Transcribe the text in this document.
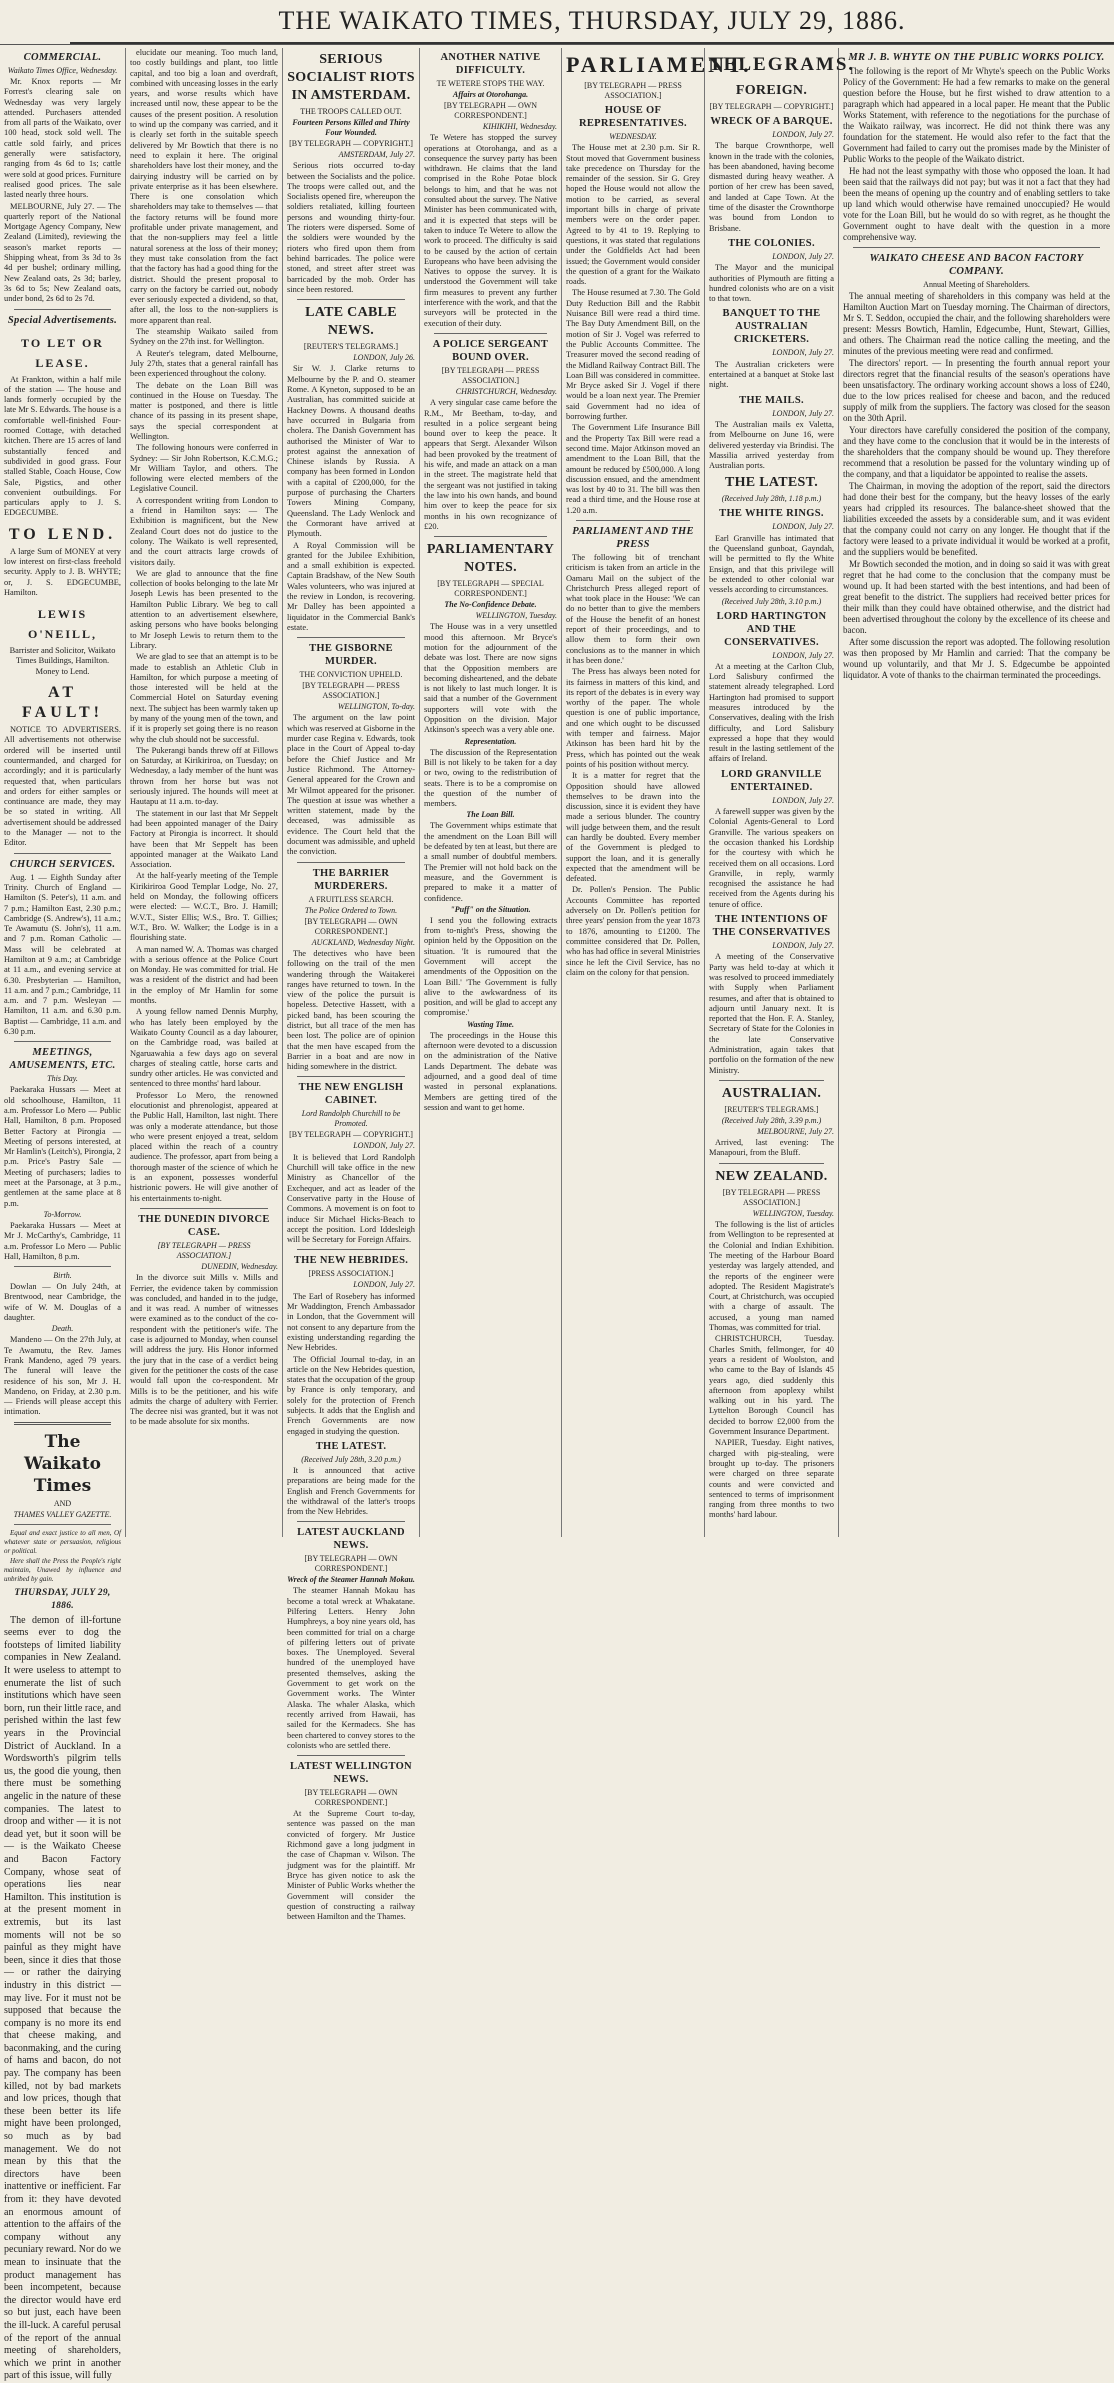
THE WAIKATO TIMES, THURSDAY, JULY 29, 1886.
COMMERCIAL.
Waikato Times Office, Wednesday.

Mr. Knox reports — Mr Forrest's clearing sale on Wednesday was very largely attended. Purchasers attended from all parts of the Waikato, over 100 head, stock sold well. The cattle sold fairly, and prices generally were satisfactory, ranging from 4s 6d to 1s; cattle were sold at good prices. Furniture realised good prices. The sale lasted nearly three hours.

MELBOURNE, July 27. — The quarterly report of the National Mortgage Agency Company, New Zealand (Limited), reviewing the season's market reports — Shipping wheat, from 3s 3d to 3s 4d per bushel; ordinary milling, New Zealand oats, 2s 3d; barley, 3s 6d to 5s; New Zealand oats, under bond, 2s 6d to 2s 7d.

Special Advertisements.
TO LET OR LEASE.

At Frankton, within a half mile of the station — The house and lands formerly occupied by the late Mr S. Edwards. The house is a comfortable well-finished Four-roomed Cottage, with detached kitchen. There are 15 acres of land substantially fenced and subdivided in good grass. Four stalled Stable, Coach House, Cow Sale, Pigstics, and other convenient outbuildings. For particulars apply to J. S. EDGECUMBE.

TO LEND.

A large Sum of MONEY at very low interest on first-class freehold security. Apply to J. B. WHYTE; or, J. S. EDGECUMBE, Hamilton.

LEWIS O'NEILL,

Barrister and Solicitor, Waikato Times Buildings, Hamilton. Money to Lend.

AT FAULT!

NOTICE TO ADVERTISERS. All advertisements not otherwise ordered will be inserted until countermanded, and charged for accordingly; and it is particularly requested that, when particulars and orders for either samples or continuance are made, they may be so stated in writing. All advertisement should be addressed to the Manager — not to the Editor.

CHURCH SERVICES.

Aug. 1 — Eighth Sunday after Trinity. Church of England — Hamilton (S. Peter's), 11 a.m. and 7 p.m.; Hamilton East, 2.30 p.m.; Cambridge (S. Andrew's), 11 a.m.; Te Awamutu (S. John's), 11 a.m. and 7 p.m. Roman Catholic — Mass will be celebrated at Hamilton at 9 a.m.; at Cambridge at 11 a.m., and evening service at 6.30. Presbyterian — Hamilton, 11 a.m. and 7 p.m.; Cambridge, 11 a.m. and 7 p.m. Wesleyan — Hamilton, 11 a.m. and 6.30 p.m. Baptist — Cambridge, 11 a.m. and 6.30 p.m.

MEETINGS, AMUSEMENTS, ETC.
This Day.

Paekaraka Hussars — Meet at old schoolhouse, Hamilton, 11 a.m. Professor Lo Mero — Public Hall, Hamilton, 8 p.m. Proposed Better Factory at Pirongia — Meeting of persons interested, at Mr Hamlin's (Leitch's), Pirongia, 2 p.m. Price's Pastry Sale — Meeting of purchasers; ladies to meet at the Parsonage, at 3 p.m., gentlemen at the same place at 8 p.m.

To-Morrow.

Paekaraka Hussars — Meet at Mr J. McCarthy's, Cambridge, 11 a.m. Professor Lo Mero — Public Hall, Hamilton, 8 p.m.

Birth.

Dowlan — On July 24th, at Brentwood, near Cambridge, the wife of W. M. Douglas of a daughter.

Death.

Mandeno — On the 27th July, at Te Awamutu, the Rev. James Frank Mandeno, aged 79 years. The funeral will leave the residence of his son, Mr J. H. Mandeno, on Friday, at 2.30 p.m. — Friends will please accept this intimation.

The Waikato Times
AND
THAMES VALLEY GAZETTE.

Equal and exact justice to all men, Of whatever state or persuasion, religious or political.

Here shall the Press the People's right maintain, Unawed by influence and unbribed by gain.

THURSDAY, JULY 29, 1886.

The demon of ill-fortune seems ever to dog the footsteps of limited liability companies in New Zealand. It were useless to attempt to enumerate the list of such institutions which have seen born, run their little race, and perished within the last few years in the Provincial District of Auckland. In a Wordsworth's pilgrim tells us, the good die young, then there must be something angelic in the nature of these companies. The latest to droop and wither — it is not dead yet, but it soon will be — is the Waikato Cheese and Bacon Factory Company, whose seat of operations lies near Hamilton. This institution is at the present moment in extremis, but its last moments will not be so painful as they might have been, since it dies that those — or rather the dairying industry in this district — may live. For it must not be supposed that because the company is no more its end that cheese making, and baconmaking, and the curing of hams and bacon, do not pay. The company has been killed, not by bad markets and low prices, though that these been better its life might have been prolonged, so much as by bad management. We do not mean by this that the directors have been inattentive or inefficient. Far from it: they have devoted an enormous amount of attention to the affairs of the company without any pecuniary reward. Nor do we mean to insinuate that the product management has been incompetent, because the director would have erd so but just, each have been the ill-luck. A careful perusal of the report of the annual meeting of shareholders, which we print in another part of this issue, will fully

elucidate our meaning. Too much land, too costly buildings and plant, too little capital, and too big a loan and overdraft, combined with unceasing losses in the early years, and worse results which have increased until now, these appear to be the causes of the present position. A resolution to wind up the company was carried, and it is clearly set forth in the suitable speech delivered by Mr Bowtich that there is no need to explain it here. The original shareholders have lost their money, and the dairying industry will be carried on by private enterprise as it has been elsewhere. There is one consolation which shareholders may take to themselves — that the factory returns will be found more profitable under private management, and that the non-suppliers may feel a little natural soreness at the loss of their money; they must take consolation from the fact that the factory has had a good thing for the district. Should the present proposal to carry on the factory be carried out, nobody ever seriously expected a dividend, so that, after all, the loss to the non-suppliers is more apparent than real.

The steamship Waikato sailed from Sydney on the 27th inst. for Wellington.

A Reuter's telegram, dated Melbourne, July 27th, states that a general rainfall has been experienced throughout the colony.

The debate on the Loan Bill was continued in the House on Tuesday. The matter is postponed, and there is little chance of its passing in its present shape, says the special correspondent at Wellington.

The following honours were conferred in Sydney: — Sir John Robertson, K.C.M.G.; Mr William Taylor, and others. The following were elected members of the Legislative Council.

A correspondent writing from London to a friend in Hamilton says: — The Exhibition is magnificent, but the New Zealand Court does not do justice to the colony. The Waikato is well represented, and the court attracts large crowds of visitors daily.

We are glad to announce that the fine collection of books belonging to the late Mr Joseph Lewis has been presented to the Hamilton Public Library. We beg to call attention to an advertisement elsewhere, asking persons who have books belonging to Mr Joseph Lewis to return them to the Library.

We are glad to see that an attempt is to be made to establish an Athletic Club in Hamilton, for which purpose a meeting of those interested will be held at the Commercial Hotel on Saturday evening next. The subject has been warmly taken up by many of the young men of the town, and if it is properly set going there is no reason why the club should not be successful.

The Pukerangi bands threw off at Fillows on Saturday, at Kirikiriroa, on Tuesday; on Wednesday, a lady member of the hunt was thrown from her horse but was not seriously injured. The hounds will meet at Hautapu at 11 a.m. to-day.

The statement in our last that Mr Seppelt had been appointed manager of the Dairy Factory at Pirongia is incorrect. It should have been that Mr Seppelt has been appointed manager at the Waikato Land Association.

At the half-yearly meeting of the Temple Kirikiriroa Good Templar Lodge, No. 27, held on Monday, the following officers were elected: — W.C.T., Bro. J. Hamill; W.V.T., Sister Ellis; W.S., Bro. T. Gillies; W.T., Bro. W. Walker; the Lodge is in a flourishing state.

A man named W. A. Thomas was charged with a serious offence at the Police Court on Monday. He was committed for trial. He was a resident of the district and had been in the employ of Mr Hamlin for some months.

A young fellow named Dennis Murphy, who has lately been employed by the Waikato County Council as a day labourer, on the Cambridge road, was bailed at Ngaruawahia a few days ago on several charges of stealing cattle, horse carts and sundry other articles. He was convicted and sentenced to three months' hard labour.

Professor Lo Mero, the renowned elocutionist and phrenologist, appeared at the Public Hall, Hamilton, last night. There was only a moderate attendance, but those who were present enjoyed a treat, seldom placed within the reach of a country audience. The professor, apart from being a thorough master of the science of which he is an exponent, possesses wonderful histrionic powers. He will give another of his entertainments to-night.

THE DUNEDIN DIVORCE CASE.
[BY TELEGRAPH — PRESS ASSOCIATION.]
DUNEDIN, Wednesday.

In the divorce suit Mills v. Mills and Ferrier, the evidence taken by commission was concluded, and handed in to the judge, and it was read. A number of witnesses were examined as to the conduct of the co-respondent with the petitioner's wife. The case is adjourned to Monday, when counsel will address the jury. His Honor informed the jury that in the case of a verdict being given for the petitioner the costs of the case would fall upon the co-respondent. Mr Mills is to be the petitioner, and his wife admits the charge of adultery with Ferrier. The decree nisi was granted, but it was not to be made absolute for six months.

SERIOUS SOCIALIST RIOTS IN AMSTERDAM.
THE TROOPS CALLED OUT.
Fourteen Persons Killed and Thirty Four Wounded.
[BY TELEGRAPH — COPYRIGHT.]
AMSTERDAM, July 27.

Serious riots occurred to-day between the Socialists and the police. The troops were called out, and the Socialists opened fire, whereupon the soldiers retaliated, killing fourteen persons and wounding thirty-four. The rioters were dispersed. Some of the soldiers were wounded by the rioters who fired upon them from behind barricades. The police were stoned, and street after street was barricaded by the mob. Order has since been restored.

LATE CABLE NEWS.
[REUTER'S TELEGRAMS.]
LONDON, July 26.

Sir W. J. Clarke returns to Melbourne by the P. and O. steamer Rome. A Kyneton, supposed to be an Australian, has committed suicide at Hackney Downs. A thousand deaths have occurred in Bulgaria from cholera. The Danish Government has authorised the Minister of War to protest against the annexation of Chinese islands by Russia. A company has been formed in London with a capital of £200,000, for the purpose of purchasing the Charters Towers Mining Company, Queensland. The Lady Wenlock and the Cormorant have arrived at Plymouth.

A Royal Commission will be granted for the Jubilee Exhibition, and a small exhibition is expected. Captain Bradshaw, of the New South Wales volunteers, who was injured at the review in London, is recovering. Mr Dalley has been appointed a liquidator in the Commercial Bank's estate.

THE GISBORNE MURDER.
THE CONVICTION UPHELD.
[BY TELEGRAPH — PRESS ASSOCIATION.]
WELLINGTON, To-day.

The argument on the law point which was reserved at Gisborne in the murder case Regina v. Edwards, took place in the Court of Appeal to-day before the Chief Justice and Mr Justice Richmond. The Attorney-General appeared for the Crown and Mr Wilmot appeared for the prisoner. The question at issue was whether a written statement, made by the deceased, was admissible as evidence. The Court held that the document was admissible, and upheld the conviction.

THE BARRIER MURDERERS.
A FRUITLESS SEARCH.
The Police Ordered to Town.
[BY TELEGRAPH — OWN CORRESPONDENT.]
AUCKLAND, Wednesday Night.

The detectives who have been following on the trail of the men wandering through the Waitakerei ranges have returned to town. In the view of the police the pursuit is hopeless. Detective Hassett, with a picked band, has been scouring the district, but all trace of the men has been lost. The police are of opinion that the men have escaped from the Barrier in a boat and are now in hiding somewhere in the district.

THE NEW ENGLISH CABINET.
Lord Randolph Churchill to be Promoted.
[BY TELEGRAPH — COPYRIGHT.]
LONDON, July 27.

It is believed that Lord Randolph Churchill will take office in the new Ministry as Chancellor of the Exchequer, and act as leader of the Conservative party in the House of Commons. A movement is on foot to induce Sir Michael Hicks-Beach to accept the position. Lord Iddesleigh will be Secretary for Foreign Affairs.

THE NEW HEBRIDES.
[PRESS ASSOCIATION.]
LONDON, July 27.

The Earl of Rosebery has informed Mr Waddington, French Ambassador in London, that the Government will not consent to any departure from the existing understanding regarding the New Hebrides.

The Official Journal to-day, in an article on the New Hebrides question, states that the occupation of the group by France is only temporary, and solely for the protection of French subjects. It adds that the English and French Governments are now engaged in studying the question.

THE LATEST.
(Received July 28th, 3.20 p.m.)

It is announced that active preparations are being made for the English and French Governments for the withdrawal of the latter's troops from the New Hebrides.

LATEST AUCKLAND NEWS.
[BY TELEGRAPH — OWN CORRESPONDENT.]
Wreck of the Steamer Hannah Mokau.

The steamer Hannah Mokau has become a total wreck at Whakatane. Pilfering Letters. Henry John Humphreys, a boy nine years old, has been committed for trial on a charge of pilfering letters out of private boxes. The Unemployed. Several hundred of the unemployed have presented themselves, asking the Government to get work on the Government works. The Winter Alaska. The whaler Alaska, which recently arrived from Hawaii, has sailed for the Kermadecs. She has been chartered to convey stores to the colonists who are settled there.

LATEST WELLINGTON NEWS.
[BY TELEGRAPH — OWN CORRESPONDENT.]

At the Supreme Court to-day, sentence was passed on the man convicted of forgery. Mr Justice Richmond gave a long judgment in the case of Chapman v. Wilson. The judgment was for the plaintiff. Mr Bryce has given notice to ask the Minister of Public Works whether the Government will consider the question of constructing a railway between Hamilton and the Thames.

ANOTHER NATIVE DIFFICULTY.
TE WETERE STOPS THE WAY.
Affairs at Otorohanga.
[BY TELEGRAPH — OWN CORRESPONDENT.]
KIHIKIHI, Wednesday.

Te Wetere has stopped the survey operations at Otorohanga, and as a consequence the survey party has been withdrawn. He claims that the land comprised in the Rohe Potae block belongs to him, and that he was not consulted about the survey. The Native Minister has been communicated with, and it is expected that steps will be taken to induce Te Wetere to allow the work to proceed. The difficulty is said to be caused by the action of certain Europeans who have been advising the Natives to oppose the survey. It is understood the Government will take firm measures to prevent any further interference with the work, and that the surveyors will be protected in the execution of their duty.

A POLICE SERGEANT BOUND OVER.
[BY TELEGRAPH — PRESS ASSOCIATION.]
CHRISTCHURCH, Wednesday.

A very singular case came before the R.M., Mr Beetham, to-day, and resulted in a police sergeant being bound over to keep the peace. It appears that Sergt. Alexander Wilson had been provoked by the treatment of his wife, and made an attack on a man in the street. The magistrate held that the sergeant was not justified in taking the law into his own hands, and bound him over to keep the peace for six months in his own recognizance of £20.

PARLIAMENTARY NOTES.
[BY TELEGRAPH — SPECIAL CORRESPONDENT.]
The No-Confidence Debate.
WELLINGTON, Tuesday.

The House was in a very unsettled mood this afternoon. Mr Bryce's motion for the adjournment of the debate was lost. There are now signs that the Opposition members are becoming disheartened, and the debate is not likely to last much longer. It is said that a number of the Government supporters will vote with the Opposition on the division. Major Atkinson's speech was a very able one.

Representation.

The discussion of the Representation Bill is not likely to be taken for a day or two, owing to the redistribution of seats. There is to be a compromise on the question of the number of members.

The Loan Bill.

The Government whips estimate that the amendment on the Loan Bill will be defeated by ten at least, but there are a small number of doubtful members. The Premier will not hold back on the measure, and the Government is prepared to make it a matter of confidence.

"Puff" on the Situation.

I send you the following extracts from to-night's Press, showing the opinion held by the Opposition on the situation. 'It is rumoured that the Government will accept the amendments of the Opposition on the Loan Bill.' 'The Government is fully alive to the awkwardness of its position, and will be glad to accept any compromise.'

Wasting Time.

The proceedings in the House this afternoon were devoted to a discussion on the administration of the Native Lands Department. The debate was adjourned, and a good deal of time wasted in personal explanations. Members are getting tired of the session and want to get home.

PARLIAMENT.
[BY TELEGRAPH — PRESS ASSOCIATION.]
HOUSE OF REPRESENTATIVES.
WEDNESDAY.

The House met at 2.30 p.m. Sir R. Stout moved that Government business take precedence on Thursday for the remainder of the session. Sir G. Grey hoped the House would not allow the motion to be carried, as several important bills in charge of private members were on the order paper. Agreed to by 41 to 19. Replying to questions, it was stated that regulations under the Goldfields Act had been issued; the Government would consider the question of a grant for the Waikato roads.

The House resumed at 7.30. The Gold Duty Reduction Bill and the Rabbit Nuisance Bill were read a third time. The Bay Duty Amendment Bill, on the motion of Sir J. Vogel was referred to the Public Accounts Committee. The Treasurer moved the second reading of the Midland Railway Contract Bill. The Loan Bill was considered in committee. Mr Bryce asked Sir J. Vogel if there would be a loan next year. The Premier said Government had no idea of borrowing further.

The Government Life Insurance Bill and the Property Tax Bill were read a second time. Major Atkinson moved an amendment to the Loan Bill, that the amount be reduced by £500,000. A long discussion ensued, and the amendment was lost by 40 to 31. The bill was then read a third time, and the House rose at 1.20 a.m.

PARLIAMENT AND THE PRESS

The following bit of trenchant criticism is taken from an article in the Oamaru Mail on the subject of the Christchurch Press alleged report of what took place in the House: 'We can do no better than to give the members of the House the benefit of an honest report of their proceedings, and to allow them to form their own conclusions as to the manner in which it has been done.'

The Press has always been noted for its fairness in matters of this kind, and its report of the debates is in every way worthy of the paper. The whole question is one of public importance, and one which ought to be discussed with temper and fairness. Major Atkinson has been hard hit by the Press, which has pointed out the weak points of his position without mercy.

It is a matter for regret that the Opposition should have allowed themselves to be drawn into the discussion, since it is evident they have made a serious blunder. The country will judge between them, and the result can hardly be doubted. Every member of the Government is pledged to support the loan, and it is generally expected that the amendment will be defeated.

Dr. Pollen's Pension. The Public Accounts Committee has reported adversely on Dr. Pollen's petition for three years' pension from the year 1873 to 1876, amounting to £1200. The committee considered that Dr. Pollen, who has had office in several Ministries since he left the Civil Service, has no claim on the colony for that pension.

TELEGRAMS.
FOREIGN.
[BY TELEGRAPH — COPYRIGHT.]
WRECK OF A BARQUE.
LONDON, July 27.

The barque Crownthorpe, well known in the trade with the colonies, has been abandoned, having become dismasted during heavy weather. A portion of her crew has been saved, and landed at Cape Town. At the time of the disaster the Crownthorpe was bound from London to Brisbane.

THE COLONIES.
LONDON, July 27.

The Mayor and the municipal authorities of Plymouth are fitting a hundred colonists who are on a visit to that town.

BANQUET TO THE AUSTRALIAN CRICKETERS.
LONDON, July 27.

The Australian cricketers were entertained at a banquet at Stoke last night.

THE MAILS.
LONDON, July 27.

The Australian mails ex Valetta, from Melbourne on June 16, were delivered yesterday via Brindisi. The Massilia arrived yesterday from Australian ports.

THE LATEST.
(Received July 28th, 1.18 p.m.)
THE WHITE RINGS.
LONDON, July 27.

Earl Granville has intimated that the Queensland gunboat, Gayndah, will be permitted to fly the White Ensign, and that this privilege will be extended to other colonial war vessels according to circumstances.

(Received July 28th, 3.10 p.m.)
LORD HARTINGTON AND THE CONSERVATIVES.
LONDON, July 27.

At a meeting at the Carlton Club, Lord Salisbury confirmed the statement already telegraphed. Lord Hartington had promised to support measures introduced by the Conservatives, dealing with the Irish difficulty, and Lord Salisbury expressed a hope that they would result in the lasting settlement of the affairs of Ireland.

LORD GRANVILLE ENTERTAINED.
LONDON, July 27.

A farewell supper was given by the Colonial Agents-General to Lord Granville. The various speakers on the occasion thanked his Lordship for the courtesy with which he received them on all occasions. Lord Granville, in reply, warmly recognised the assistance he had received from the Agents during his tenure of office.

THE INTENTIONS OF THE CONSERVATIVES
LONDON, July 27.

A meeting of the Conservative Party was held to-day at which it was resolved to proceed immediately with Supply when Parliament resumes, and after that is obtained to adjourn until January next. It is reported that the Hon. F. A. Stanley, Secretary of State for the Colonies in the late Conservative Administration, again takes that portfolio on the formation of the new Ministry.

AUSTRALIAN.
[REUTER'S TELEGRAMS.]
(Received July 28th, 3.39 p.m.)
MELBOURNE, July 27.

Arrived, last evening: The Manapouri, from the Bluff.

NEW ZEALAND.
[BY TELEGRAPH — PRESS ASSOCIATION.]
WELLINGTON, Tuesday.

The following is the list of articles from Wellington to be represented at the Colonial and Indian Exhibition. The meeting of the Harbour Board yesterday was largely attended, and the reports of the engineer were adopted. The Resident Magistrate's Court, at Christchurch, was occupied with a charge of assault. The accused, a young man named Thomas, was committed for trial.

CHRISTCHURCH, Tuesday. Charles Smith, fellmonger, for 40 years a resident of Woolston, and who came to the Bay of Islands 45 years ago, died suddenly this afternoon from apoplexy whilst walking out in his yard. The Lyttelton Borough Council has decided to borrow £2,000 from the Government Insurance Department.

NAPIER, Tuesday. Eight natives, charged with pig-stealing, were brought up to-day. The prisoners were charged on three separate counts and were convicted and sentenced to terms of imprisonment ranging from three months to two months' hard labour.

MR J. B. WHYTE ON THE PUBLIC WORKS POLICY.

The following is the report of Mr Whyte's speech on the Public Works Policy of the Government: He had a few remarks to make on the general question before the House, but he first wished to draw attention to a paragraph which had appeared in a local paper. He meant that the Public Works Statement, with reference to the negotiations for the purchase of the Waikato railway, was incorrect. He did not think there was any foundation for the statement. He would also refer to the fact that the Government had failed to carry out the promises made by the Minister of Public Works to the people of the Waikato district.

He had not the least sympathy with those who opposed the loan. It had been said that the railways did not pay; but was it not a fact that they had been the means of opening up the country and of enabling settlers to take up land which would otherwise have remained unoccupied? He would vote for the Loan Bill, but he would do so with regret, as he thought the Government ought to have dealt with the question in a more comprehensive way.

WAIKATO CHEESE AND BACON FACTORY COMPANY.
Annual Meeting of Shareholders.

The annual meeting of shareholders in this company was held at the Hamilton Auction Mart on Tuesday morning. The Chairman of directors, Mr S. T. Seddon, occupied the chair, and the following shareholders were present: Messrs Bowtich, Hamlin, Edgecumbe, Hunt, Stewart, Gillies, and others. The Chairman read the notice calling the meeting, and the minutes of the previous meeting were read and confirmed.

The directors' report. — In presenting the fourth annual report your directors regret that the financial results of the season's operations have been unsatisfactory. The ordinary working account shows a loss of £240, due to the low prices realised for cheese and bacon, and the reduced supply of milk from the suppliers. The factory was closed for the season on the 30th April.

Your directors have carefully considered the position of the company, and they have come to the conclusion that it would be in the interests of the shareholders that the company should be wound up. They therefore recommend that a resolution be passed for the voluntary winding up of the company, and that a liquidator be appointed to realise the assets.

The Chairman, in moving the adoption of the report, said the directors had done their best for the company, but the heavy losses of the early years had crippled its resources. The balance-sheet showed that the liabilities exceeded the assets by a considerable sum, and it was evident that the company could not carry on any longer. He thought that if the factory were leased to a private individual it would be worked at a profit, and the suppliers would be benefited.

Mr Bowtich seconded the motion, and in doing so said it was with great regret that he had come to the conclusion that the company must be wound up. It had been started with the best intentions, and had been of great benefit to the district. The suppliers had received better prices for their milk than they could have obtained otherwise, and the district had been advertised throughout the colony by the excellence of its cheese and bacon.

After some discussion the report was adopted. The following resolution was then proposed by Mr Hamlin and carried: That the company be wound up voluntarily, and that Mr J. S. Edgecumbe be appointed liquidator. A vote of thanks to the chairman terminated the proceedings.
